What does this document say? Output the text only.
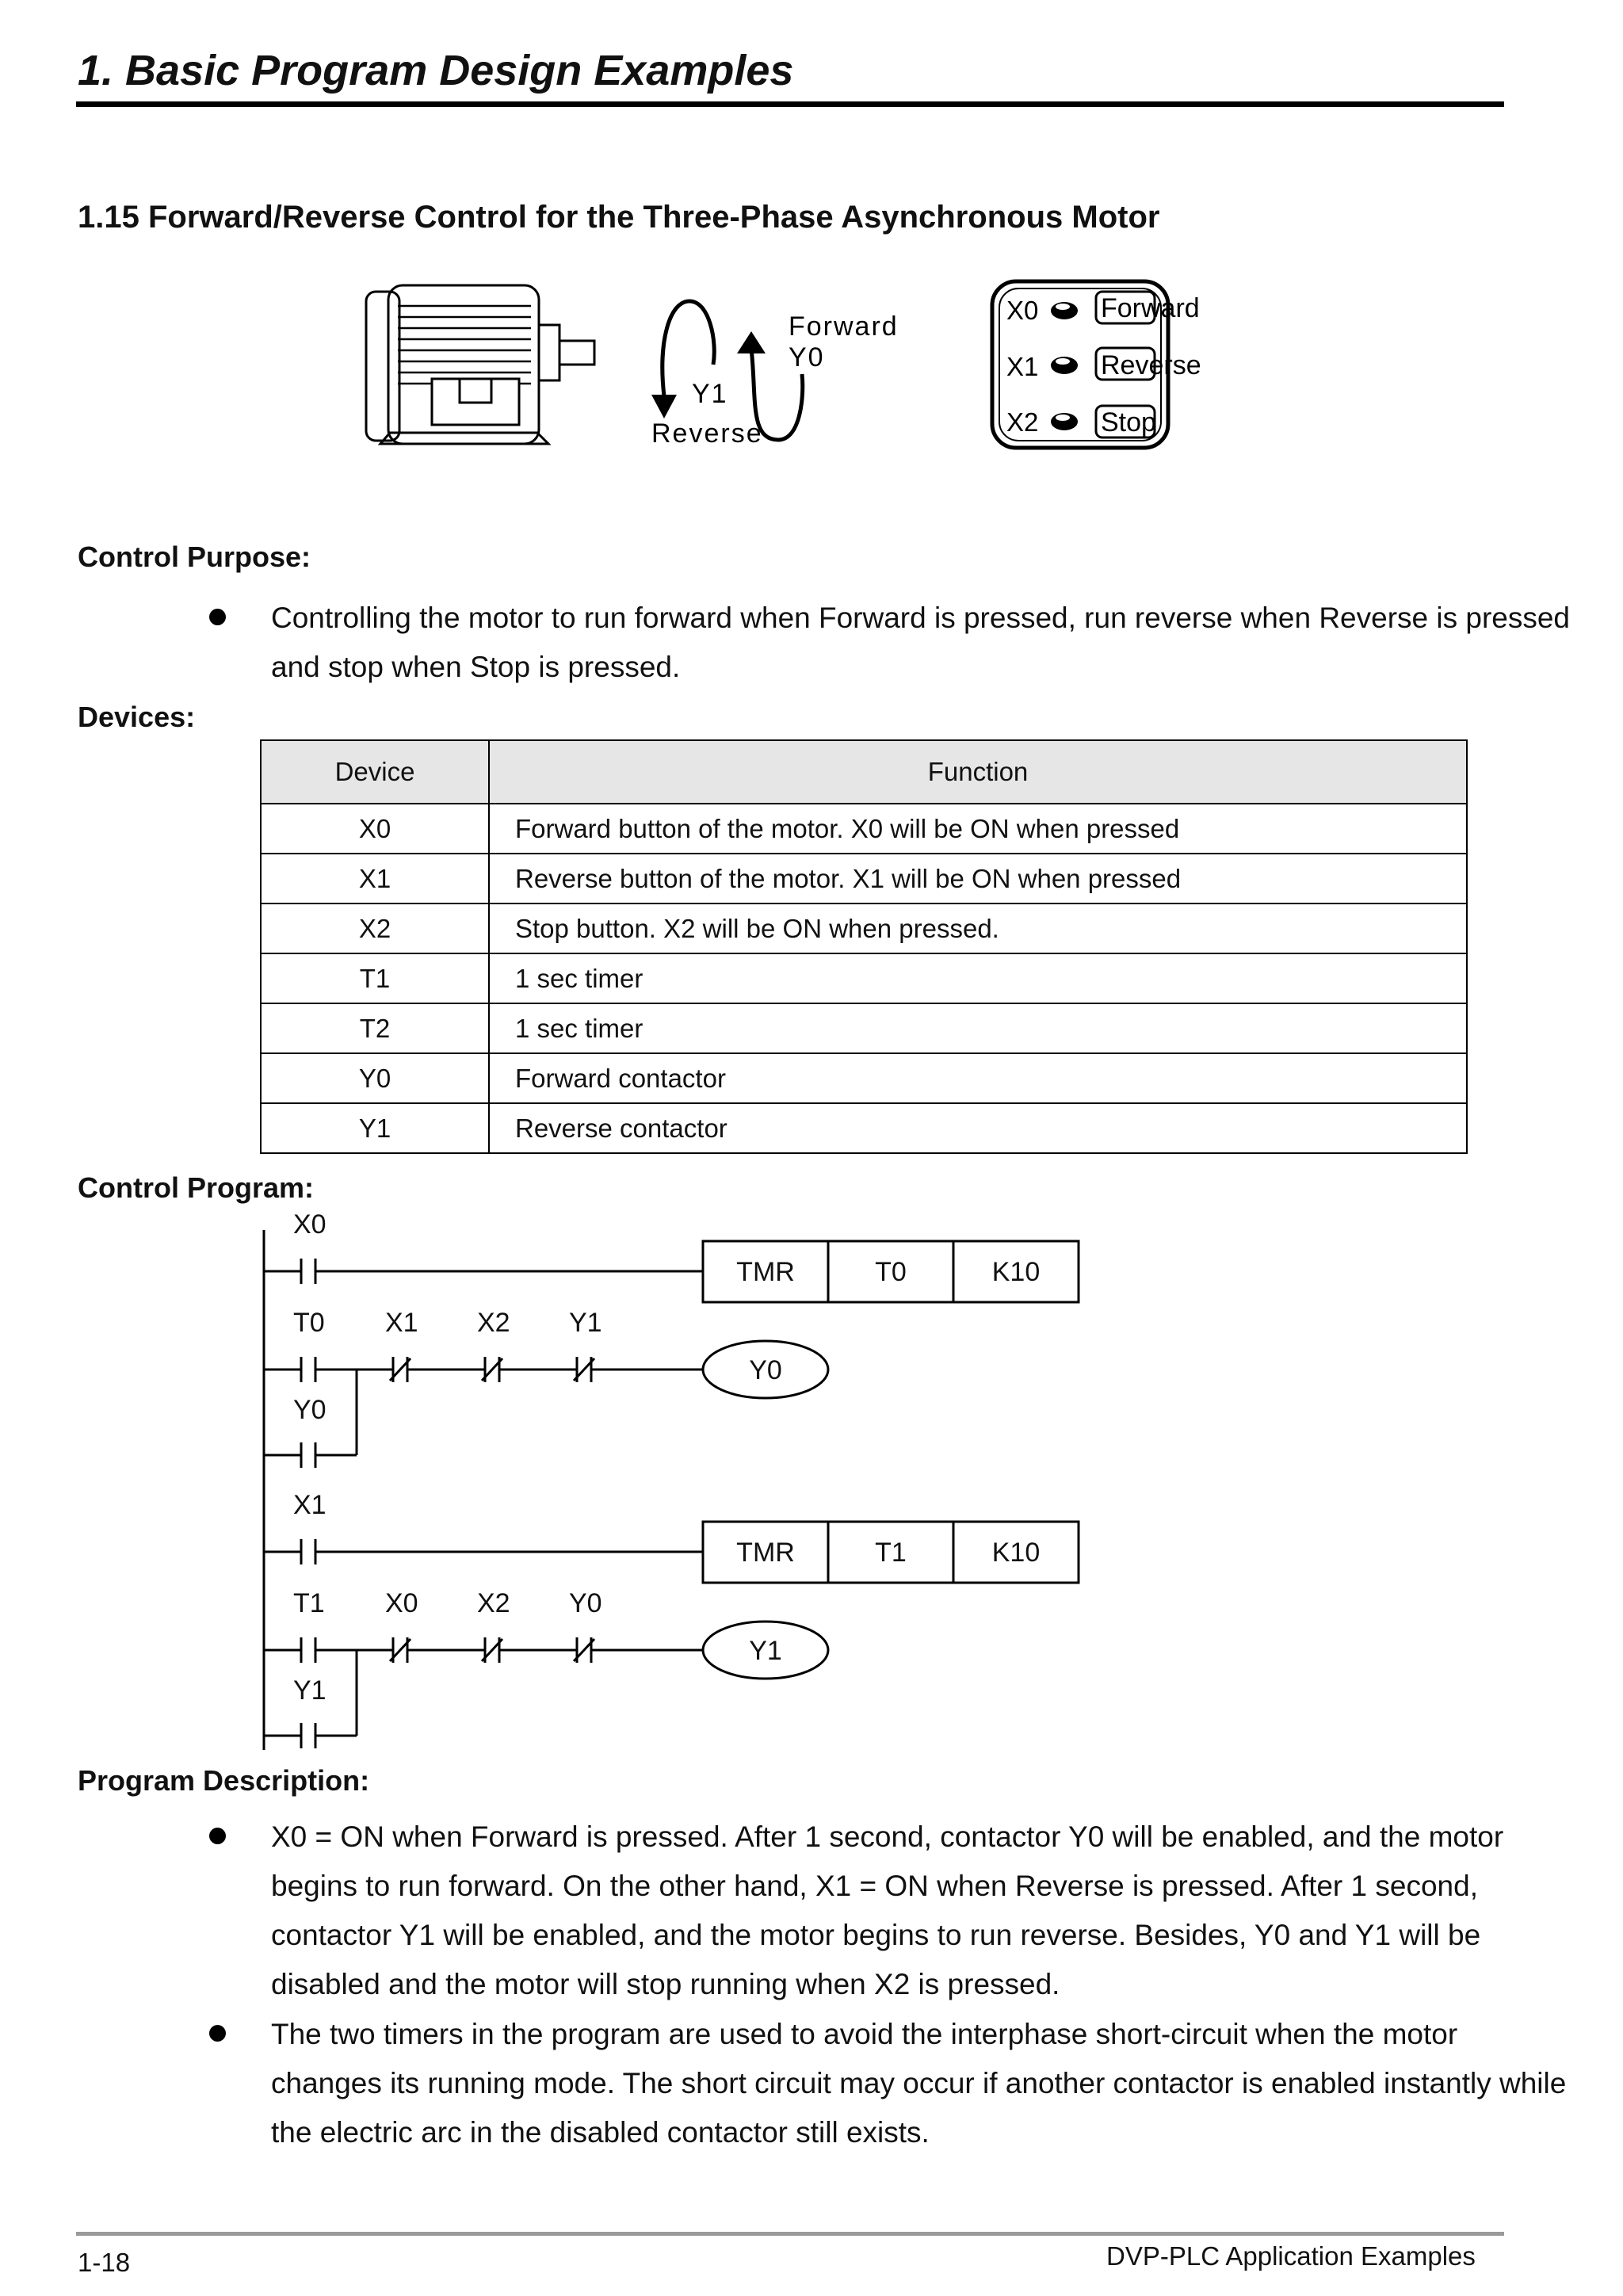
1. Basic Program Design Examples
1.15 Forward/Reverse Control for the Three-Phase Asynchronous Motor
Forward
Y0
Y1
Reverse
X0 Forward
X1 Reverse
X2 Stop
Control Purpose:
Controlling the motor to run forward when Forward is pressed, run reverse when Reverse is pressed and stop when Stop is pressed.
Devices:
Device	Function
X0	Forward button of the motor. X0 will be ON when pressed
X1	Reverse button of the motor. X1 will be ON when pressed
X2	Stop button. X2 will be ON when pressed.
T1	1 sec timer
T2	1 sec timer
Y0	Forward contactor
Y1	Reverse contactor
Control Program:
X0
TMR	T0	K10
T0 X1 X2 Y1
Y0
Y0
X1
TMR	T1	K10
T1 X0 X2 Y0
Y1
Y1
Program Description:
X0 = ON when Forward is pressed. After 1 second, contactor Y0 will be enabled, and the motor begins to run forward. On the other hand, X1 = ON when Reverse is pressed. After 1 second, contactor Y1 will be enabled, and the motor begins to run reverse. Besides, Y0 and Y1 will be disabled and the motor will stop running when X2 is pressed.
The two timers in the program are used to avoid the interphase short-circuit when the motor changes its running mode. The short circuit may occur if another contactor is enabled instantly while the electric arc in the disabled contactor still exists.
1-18	DVP-PLC Application Examples
